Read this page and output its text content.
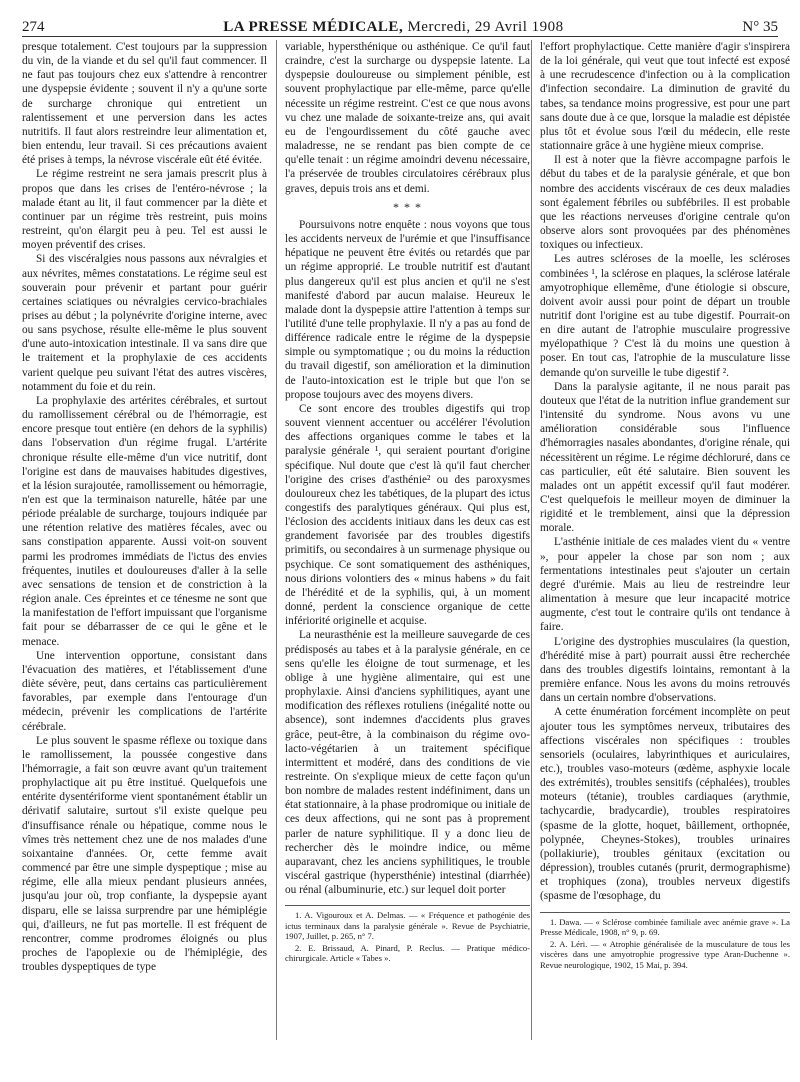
274	LA PRESSE MÉDICALE, Mercredi, 29 Avril 1908	N° 35

presque totalement. C'est toujours par la suppression du vin, de la viande et du sel qu'il faut commencer. Il ne faut pas toujours chez eux s'attendre à rencontrer une dyspepsie évidente ; souvent il n'y a qu'une sorte de surcharge chronique qui entretient un ralentissement et une perversion dans les actes nutritifs. Il faut alors restreindre leur alimentation et, bien entendu, leur travail. Si ces précautions avaient été prises à temps, la névrose viscérale eût été évitée.

Le régime restreint ne sera jamais prescrit plus à propos que dans les crises de l'entéro-névrose ; la malade étant au lit, il faut commencer par la diète et continuer par un régime très restreint, puis moins restreint, qu'on élargit peu à peu. Tel est aussi le moyen préventif des crises.

Si des viscéralgies nous passons aux névralgies et aux névrites, mêmes constatations. Le régime seul est souverain pour prévenir et partant pour guérir certaines sciatiques ou névralgies cervico-brachiales prises au début ; la polynévrite d'origine interne, avec ou sans psychose, résulte elle-même le plus souvent d'une auto-intoxication intestinale. Il va sans dire que le traitement et la prophylaxie de ces accidents varient quelque peu suivant l'état des autres viscères, notamment du foie et du rein.

La prophylaxie des artérites cérébrales, et surtout du ramollissement cérébral ou de l'hémorragie, est encore presque tout entière (en dehors de la syphilis) dans l'observation d'un régime frugal. L'artérite chronique résulte elle-même d'un vice nutritif, dont l'origine est dans de mauvaises habitudes digestives, et la lésion surajoutée, ramollissement ou hémorragie, n'en est que la terminaison naturelle, hâtée par une période préalable de surcharge, toujours indiquée par une rétention relative des matières fécales, avec ou sans constipation apparente. Aussi voit-on souvent parmi les prodromes immédiats de l'ictus des envies fréquentes, inutiles et douloureuses d'aller à la selle avec sensations de tension et de constriction à la région anale. Ces épreintes et ce ténesme ne sont que la manifestation de l'effort impuissant que l'organisme fait pour se débarrasser de ce qui le gêne et le menace.

Une intervention opportune, consistant dans l'évacuation des matières, et l'établissement d'une diète sévère, peut, dans certains cas particulièrement favorables, par exemple dans l'entourage d'un médecin, prévenir les complications de l'artérite cérébrale.

Le plus souvent le spasme réflexe ou toxique dans le ramollissement, la poussée congestive dans l'hémorragie, a fait son œuvre avant qu'un traitement prophylactique ait pu être institué. Quelquefois une entérite dysentériforme vient spontanément établir un dérivatif salutaire, surtout s'il existe quelque peu d'insuffisance rénale ou hépatique, comme nous le vîmes très nettement chez une de nos malades d'une soixantaine d'années. Or, cette femme avait commencé par être une simple dyspeptique ; mise au régime, elle alla mieux pendant plusieurs années, jusqu'au jour où, trop confiante, la dyspepsie ayant disparu, elle se laissa surprendre par une hémiplégie qui, d'ailleurs, ne fut pas mortelle. Il est fréquent de rencontrer, comme prodromes éloignés ou plus proches de l'apoplexie ou de l'hémiplégie, des troubles dyspeptiques de type

variable, hypersthénique ou asthénique. Ce qu'il faut craindre, c'est la surcharge ou dyspepsie latente. La dyspepsie douloureuse ou simplement pénible, est souvent prophylactique par elle-même, parce qu'elle nécessite un régime restreint. C'est ce que nous avons vu chez une malade de soixante-treize ans, qui avait eu de l'engourdissement du côté gauche avec maladresse, ne se rendant pas bien compte de ce qu'elle tenait : un régime amoindri devenu nécessaire, l'a préservée de troubles circulatoires cérébraux plus graves, depuis trois ans et demi.

* * *

Poursuivons notre enquête : nous voyons que tous les accidents nerveux de l'urémie et que l'insuffisance hépatique ne peuvent être évités ou retardés que par un régime approprié. Le trouble nutritif est d'autant plus dangereux qu'il est plus ancien et qu'il ne s'est manifesté d'abord par aucun malaise. Heureux le malade dont la dyspepsie attire l'attention à temps sur l'utilité d'une telle prophylaxie. Il n'y a pas au fond de différence radicale entre le régime de la dyspepsie simple ou symptomatique ; ou du moins la réduction du travail digestif, son amélioration et la diminution de l'auto-intoxication est le triple but que l'on se propose toujours avec des moyens divers.

Ce sont encore des troubles digestifs qui trop souvent viennent accentuer ou accélérer l'évolution des affections organiques comme le tabes et la paralysie générale ¹, qui seraient pourtant d'origine spécifique. Nul doute que c'est là qu'il faut chercher l'origine des crises d'asthénie² ou des paroxysmes douloureux chez les tabétiques, de la plupart des ictus congestifs des paralytiques généraux. Qui plus est, l'éclosion des accidents initiaux dans les deux cas est grandement favorisée par des troubles digestifs primitifs, ou secondaires à un surmenage physique ou psychique. Ce sont somatiquement des asthéniques, nous dirions volontiers des « minus habens » du fait de l'hérédité et de la syphilis, qui, à un moment donné, perdent la conscience organique de cette infériorité originelle et acquise.

La neurasthénie est la meilleure sauvegarde de ces prédisposés au tabes et à la paralysie générale, en ce sens qu'elle les éloigne de tout surmenage, et les oblige à une hygiène alimentaire, qui est une prophylaxie. Ainsi d'anciens syphilitiques, ayant une modification des réflexes rotuliens (inégalité notte ou absence), sont indemnes d'accidents plus graves grâce, peut-être, à la combinaison du régime ovo-lacto-végétarien à un traitement spécifique intermittent et modéré, dans des conditions de vie restreinte. On s'explique mieux de cette façon qu'un bon nombre de malades restent indéfiniment, dans un état stationnaire, à la phase prodromique ou initiale de ces deux affections, qui ne sont pas à proprement parler de nature syphilitique. Il y a donc lieu de rechercher dès le moindre indice, ou même auparavant, chez les anciens syphilitiques, le trouble viscéral gastrique (hypersthénie) intestinal (diarrhée) ou rénal (albuminurie, etc.) sur lequel doit porter

1. A. Vigouroux et A. Delmas. — « Fréquence et pathogénie des ictus terminaux dans la paralysie générale ». Revue de Psychiatrie, 1907, Juillet, p. 265, n° 7.

2. E. Brissaud, A. Pinard, P. Reclus. — Pratique médico-chirurgicale. Article « Tabes ».

l'effort prophylactique. Cette manière d'agir s'inspirera de la loi générale, qui veut que tout infecté est exposé à une recrudescence d'infection ou à la complication d'infection secondaire. La diminution de gravité du tabes, sa tendance moins progressive, est pour une part sans doute due à ce que, lorsque la maladie est dépistée plus tôt et évolue sous l'œil du médecin, elle reste stationnaire grâce à une hygiène mieux comprise.

Il est à noter que la fièvre accompagne parfois le début du tabes et de la paralysie générale, et que bon nombre des accidents viscéraux de ces deux maladies sont également fébriles ou subfébriles. Il est probable que les réactions nerveuses d'origine centrale qu'on observe alors sont provoquées par des phénomènes toxiques ou infectieux.

Les autres scléroses de la moelle, les scléroses combinées ¹, la sclérose en plaques, la sclérose latérale amyotrophique ellemême, d'une étiologie si obscure, doivent avoir aussi pour point de départ un trouble nutritif dont l'origine est au tube digestif. Pourrait-on en dire autant de l'atrophie musculaire progressive myélopathique ? C'est là du moins une question à poser. En tout cas, l'atrophie de la musculature lisse demande qu'on surveille le tube digestif ².

Dans la paralysie agitante, il ne nous parait pas douteux que l'état de la nutrition influe grandement sur l'intensité du syndrome. Nous avons vu une amélioration considérable sous l'influence d'hémorragies nasales abondantes, d'origine rénale, qui nécessitèrent un régime. Le régime déchloruré, dans ce cas particulier, eût été salutaire. Bien souvent les malades ont un appétit excessif qu'il faut modérer. C'est quelquefois le meilleur moyen de diminuer la rigidité et le tremblement, ainsi que la dépression morale.

L'asthénie initiale de ces malades vient du « ventre », pour appeler la chose par son nom ; aux fermentations intestinales peut s'ajouter un certain degré d'urémie. Mais au lieu de restreindre leur alimentation à mesure que leur incapacité motrice augmente, c'est tout le contraire qu'ils ont tendance à faire.

L'origine des dystrophies musculaires (la question, d'hérédité mise à part) pourrait aussi être recherchée dans des troubles digestifs lointains, remontant à la première enfance. Nous les avons du moins retrouvés dans un certain nombre d'observations.

A cette énumération forcément incomplète on peut ajouter tous les symptômes nerveux, tributaires des affections viscérales non spécifiques : troubles sensoriels (oculaires, labyrinthiques et auriculaires, etc.), troubles vaso-moteurs (œdème, asphyxie locale des extrémités), troubles sensitifs (céphalées), troubles moteurs (tétanie), troubles cardiaques (arythmie, tachycardie, bradycardie), troubles respiratoires (spasme de la glotte, hoquet, bâillement, orthopnée, polypnée, Cheynes-Stokes), troubles urinaires (pollakiurie), troubles génitaux (excitation ou dépression), troubles cutanés (prurit, dermographisme) et trophiques (zona), troubles nerveux digestifs (spasme de l'œsophage, du

1. Dawa. — « Sclérose combinée familiale avec anémie grave ». La Presse Médicale, 1908, n° 9, p. 69.

2. A. Léri. — « Atrophie généralisée de la musculature de tous les viscères dans une amyotrophie progressive type Aran-Duchenne ». Revue neurologique, 1902, 15 Mai, p. 394.
